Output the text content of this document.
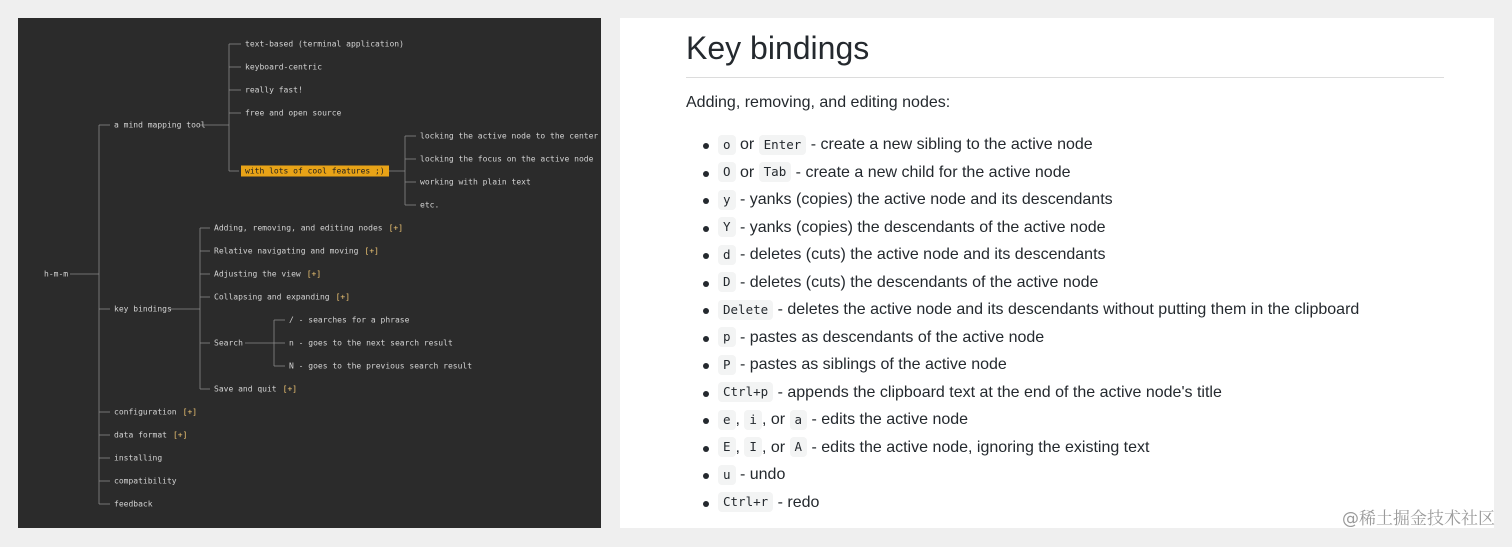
h-m-m
a mind mapping tool
text-based (terminal application)
keyboard-centric
really fast!
free and open source
with lots of cool features ;)
locking the active node to the center
locking the focus on the active node
working with plain text
etc.
key bindings
Adding, removing, and editing nodes [+]
Relative navigating and moving [+]
Adjusting the view [+]
Collapsing and expanding [+]
Search
/ - searches for a phrase
n - goes to the next search result
N - goes to the previous search result
Save and quit [+]
configuration [+]
data format [+]
installing
compatibility
feedback
Key bindings

Adding, removing, and editing nodes:

o or Enter - create a new sibling to the active node
O or Tab - create a new child for the active node
y - yanks (copies) the active node and its descendants
Y - yanks (copies) the descendants of the active node
d - deletes (cuts) the active node and its descendants
D - deletes (cuts) the descendants of the active node
Delete - deletes the active node and its descendants without putting them in the clipboard
p - pastes as descendants of the active node
P - pastes as siblings of the active node
Ctrl+p - appends the clipboard text at the end of the active node's title
e , i , or a - edits the active node
E , I , or A - edits the active node, ignoring the existing text
u - undo
Ctrl+r - redo
@稀土掘金技术社区
